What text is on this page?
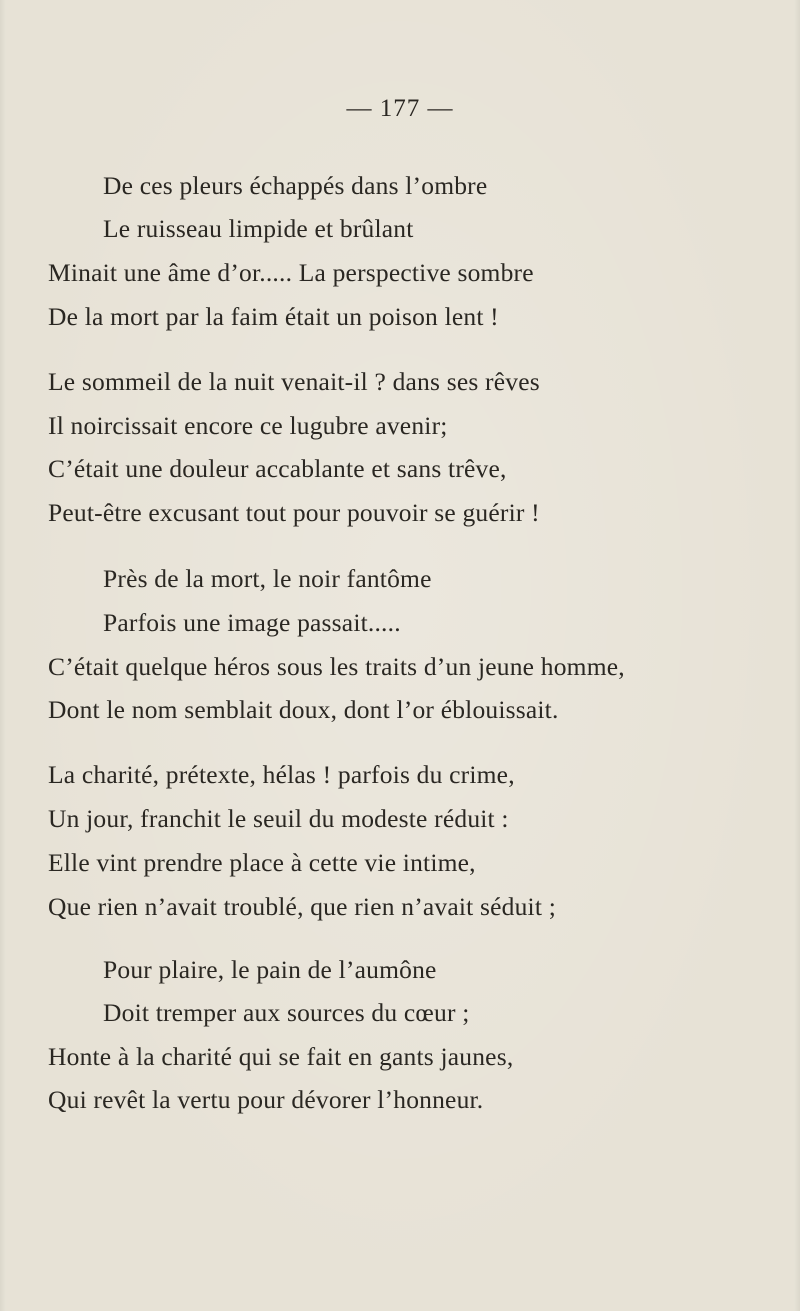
— 177 —
De ces pleurs échappés dans l’ombre
Le ruisseau limpide et brûlant
Minait une âme d’or..... La perspective sombre
De la mort par la faim était un poison lent !
Le sommeil de la nuit venait-il ? dans ses rêves
Il noircissait encore ce lugubre avenir;
C’était une douleur accablante et sans trêve,
Peut-être excusant tout pour pouvoir se guérir !
Près de la mort, le noir fantôme
Parfois une image passait.....
C’était quelque héros sous les traits d’un jeune homme,
Dont le nom semblait doux, dont l’or éblouissait.
La charité, prétexte, hélas ! parfois du crime,
Un jour, franchit le seuil du modeste réduit :
Elle vint prendre place à cette vie intime,
Que rien n’avait troublé, que rien n’avait séduit ;
Pour plaire, le pain de l’aumône
Doit tremper aux sources du cœur ;
Honte à la charité qui se fait en gants jaunes,
Qui revêt la vertu pour dévorer l’honneur.
